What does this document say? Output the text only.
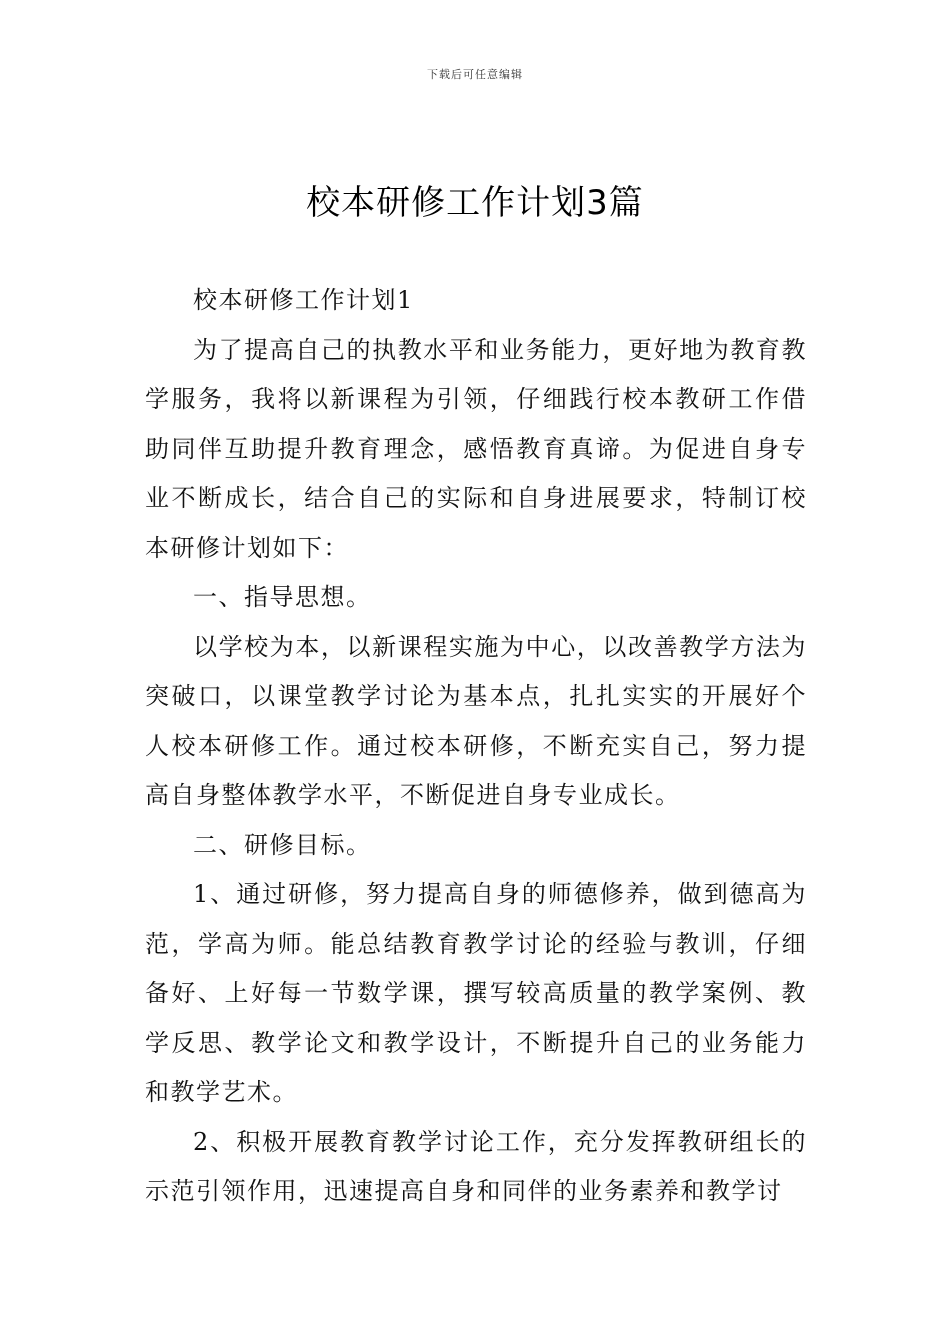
下载后可任意编辑
校本研修工作计划3篇

校本研修工作计划1

为了提高自己的执教水平和业务能力，更好地为教育教学服务，我将以新课程为引领，仔细践行校本教研工作借助同伴互助提升教育理念，感悟教育真谛。为促进自身专业不断成长，结合自己的实际和自身进展要求，特制订校本研修计划如下：

一、指导思想。

以学校为本，以新课程实施为中心，以改善教学方法为突破口，以课堂教学讨论为基本点，扎扎实实的开展好个人校本研修工作。通过校本研修，不断充实自己，努力提高自身整体教学水平，不断促进自身专业成长。

二、研修目标。

1、通过研修，努力提高自身的师德修养，做到德高为范，学高为师。能总结教育教学讨论的经验与教训，仔细备好、上好每一节数学课，撰写较高质量的教学案例、教学反思、教学论文和教学设计，不断提升自己的业务能力和教学艺术。

2、积极开展教育教学讨论工作，充分发挥教研组长的示范引领作用，迅速提高自身和同伴的业务素养和教学讨
